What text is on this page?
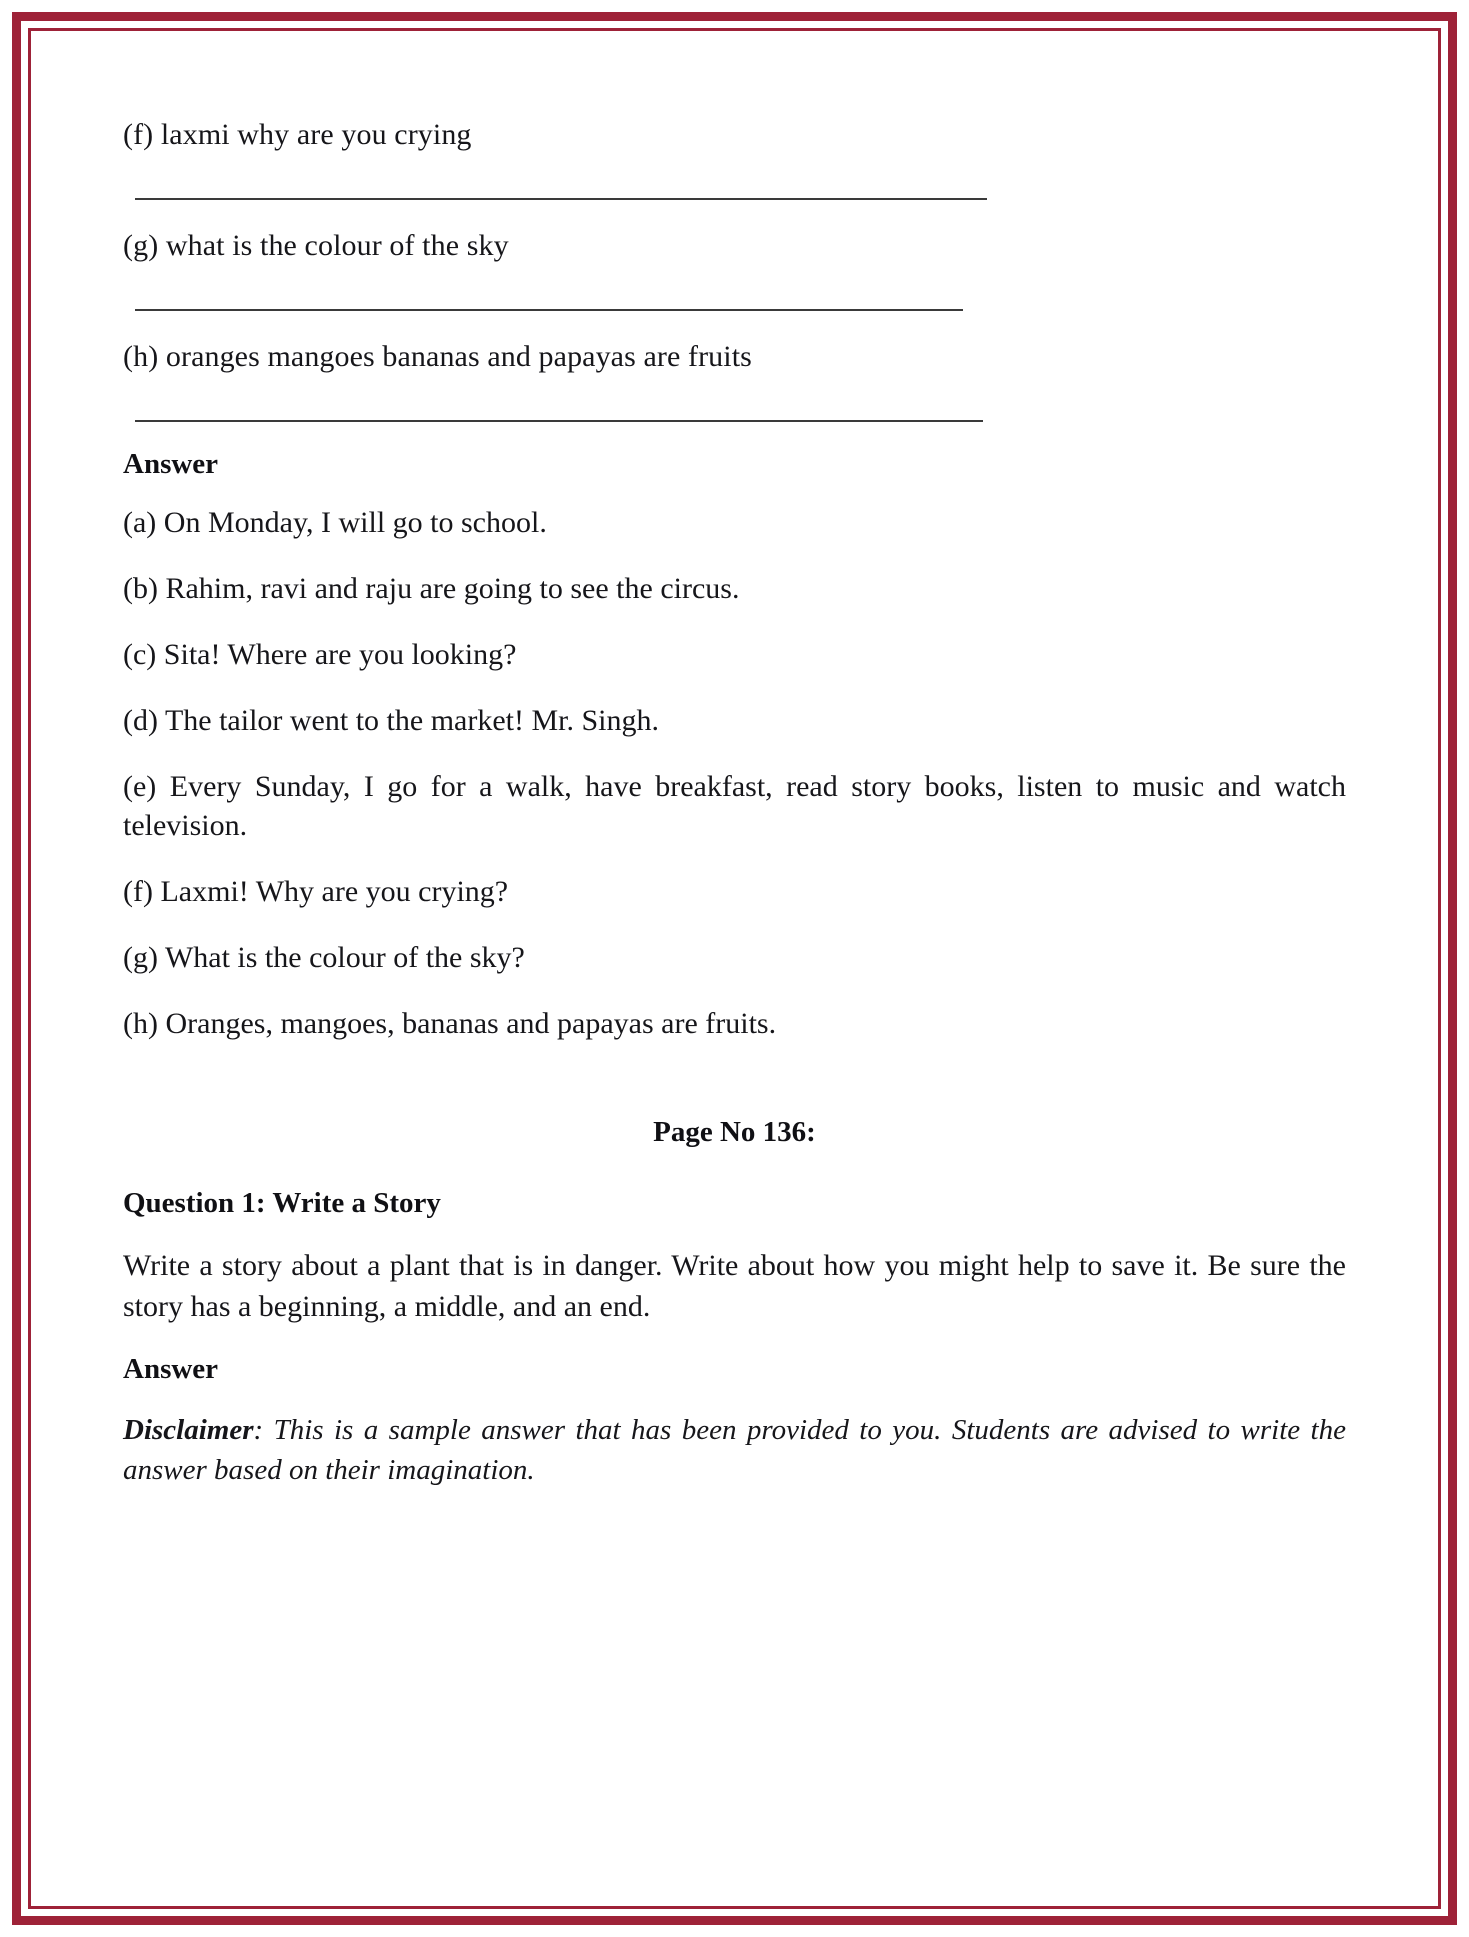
(f) laxmi why are you crying

(g) what is the colour of the sky

(h) oranges mangoes bananas and papayas are fruits

Answer

(a) On Monday, I will go to school.

(b) Rahim, ravi and raju are going to see the circus.

(c) Sita! Where are you looking?

(d) The tailor went to the market! Mr. Singh.

(e) Every Sunday, I go for a walk, have breakfast, read story books, listen to music and watch television.

(f) Laxmi! Why are you crying?

(g) What is the colour of the sky?

(h) Oranges, mangoes, bananas and papayas are fruits.

Page No 136:

Question 1: Write a Story

Write a story about a plant that is in danger. Write about how you might help to save it. Be sure the story has a beginning, a middle, and an end.

Answer

Disclaimer: This is a sample answer that has been provided to you. Students are advised to write the answer based on their imagination.
